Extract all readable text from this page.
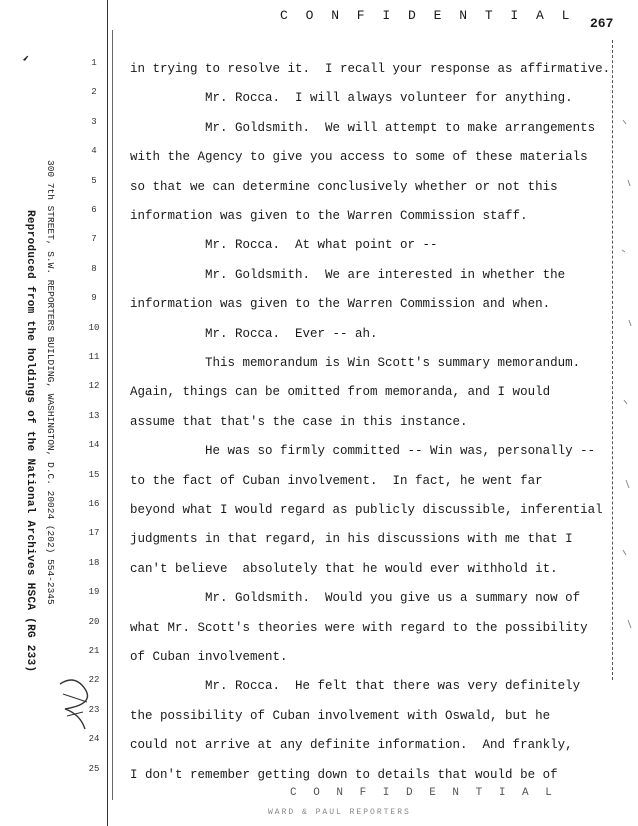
C O N F I D E N T I A L
267
‘
Reproduced from the holdings of the National Archives HSCA (RG 233) 300 7th STREET, S.W. REPORTERS BUILDING, WASHINGTON, D.C. 20024 (202) 554-2345
1
2
3
4
5
6
7
8
9
10
11
12
13
14
15
16
17
18
19
20
21
22
23
24
25
in trying to resolve it.  I recall your response as affirmative.
Mr. Rocca.  I will always volunteer for anything.
Mr. Goldsmith.  We will attempt to make arrangements
with the Agency to give you access to some of these materials
so that we can determine conclusively whether or not this
information was given to the Warren Commission staff.
Mr. Rocca.  At what point or --
Mr. Goldsmith.  We are interested in whether the
information was given to the Warren Commission and when.
Mr. Rocca.  Ever -- ah.
This memorandum is Win Scott's summary memorandum.
Again, things can be omitted from memoranda, and I would
assume that that's the case in this instance.
He was so firmly committed -- Win was, personally --
to the fact of Cuban involvement.  In fact, he went far
beyond what I would regard as publicly discussible, inferential
judgments in that regard, in his discussions with me that I
can't believe  absolutely that he would ever withhold it.
Mr. Goldsmith.  Would you give us a summary now of
what Mr. Scott's theories were with regard to the possibility
of Cuban involvement.
Mr. Rocca.  He felt that there was very definitely
the possibility of Cuban involvement with Oswald, but he
could not arrive at any definite information.  And frankly,
I don't remember getting down to details that would be of
C O N F I D E N T I A L
WARD & PAUL REPORTERS
